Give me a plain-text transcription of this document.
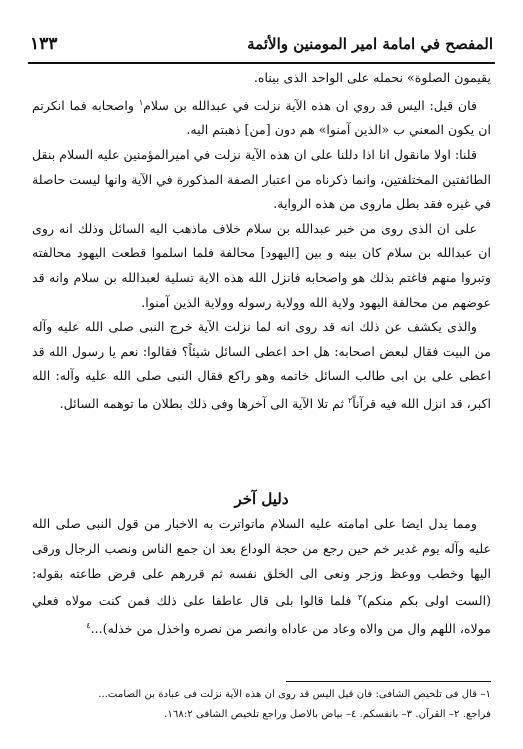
١٣٣	المفصح في امامة امير المومنين والأئمة

يقيمون الصلوة» نحمله على الواحد الذى بيناه.

فان قيل: اليس قد روي ان هذه الآية نزلت في عبدالله بن سلام$^١$ واصحابه فما انكرتم ان يكون المعني ب «الذين آمنوا» هم دون [من] ذهبتم اليه.

قلنا: اولا مانقول انا اذا دللنا على ان هذه الآية نزلت في اميرالمؤمنين عليه السلام بنقل الطائفتين المختلفتين، وانما ذكرناه من اعتبار الصفة المذكورة في الآية وانها ليست حاصلة في غيره فقد بطل ماروى من هذه الرواية.

على ان الذى روى من خبر عبدالله بن سلام خلاف ماذهب اليه السائل وذلك انه روى ان عبدالله بن سلام كان بينه و بين [اليهود] محالفة فلما اسلموا قطعت اليهود محالفته وتبروا منهم فاغتم بذلك هو واصحابه فانزل الله هذه الاية تسلية لعبدالله بن سلام وانه قد عوضهم من محالفة اليهود ولاية الله وولاية رسوله وولاية الذين آمنوا.

والذى يكشف عن ذلك انه قد روى انه لما نزلت الآية خرج النبى صلى الله عليه وآله من البيت فقال لبعض اصحابه: هل احد اعطى السائل شيئاً؟ فقالوا: نعم يا رسول الله قد اعطى على بن ابى طالب السائل خاتمه وهو راكع فقال النبى صلى الله عليه وآله: الله اكبر، قد انزل الله فيه قرآناً$^٢$ ثم تلا الآية الى آخرها وفى ذلك بطلان ما توهمه السائل.

دليل آخر

ومما يدل ايضا على امامته عليه السلام ماتواترت به الاخبار من قول النبى صلى الله عليه وآله يوم غدير خم حين رجع من حجة الوداع بعد ان جمع الناس ونصب الرجال ورقى اليها وخطب ووعظ وزجر ونعى الى الخلق نفسه ثم قررهم على فرض طاعته بقوله: (الست اولى بكم منكم)$^٣$ فلما قالوا بلى قال عاطفا على ذلك فمن كنت مولاه فعلي مولاه، اللهم وال من والاه وعاد من عاداه وانصر من نصره واخذل من خذله)...$^٤$

١– قال فى تلخيص الشافى: فان قيل اليس قد روى ان هذه الآية نزلت فى عبادة بن الصامت...

فراجع. ٢– القرآن. ٣– بانفسكم. ٤– بياض بالاصل وراجع تلخيص الشافى ١٦٨:٢.
